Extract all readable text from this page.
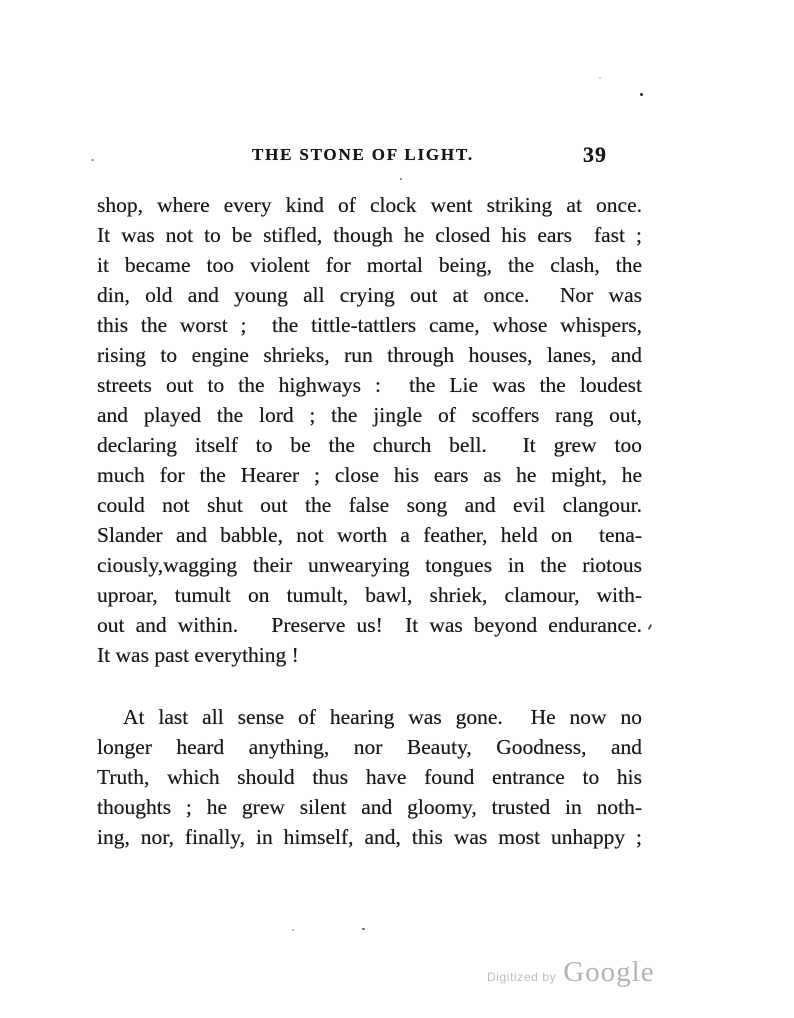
THE STONE OF LIGHT.	39
shop, where every kind of clock went striking at once.
It was not to be stifled, though he closed his ears  fast ;
it became too violent for mortal being, the clash, the
din, old and young all crying out at once.  Nor was
this the worst ;  the tittle-tattlers came, whose whispers,
rising to engine shrieks, run through houses, lanes, and
streets out to the highways :  the Lie was the loudest
and played the lord ; the jingle of scoffers rang out,
declaring itself to be the church bell.  It grew too
much for the Hearer ; close his ears as he might, he
could not shut out the false song and evil clangour.
Slander and babble, not worth a feather, held on  tena-
ciously,wagging their unwearying tongues in the riotous
uproar, tumult on tumult, bawl, shriek, clamour, with-
out and within.   Preserve us!  It was beyond endurance.
It was past everything !
At last all sense of hearing was gone.  He now no
longer heard anything, nor Beauty, Goodness, and
Truth, which should thus have found entrance to his
thoughts ; he grew silent and gloomy, trusted in noth-
ing, nor, finally, in himself, and, this was most unhappy ;
Digitized by Google
